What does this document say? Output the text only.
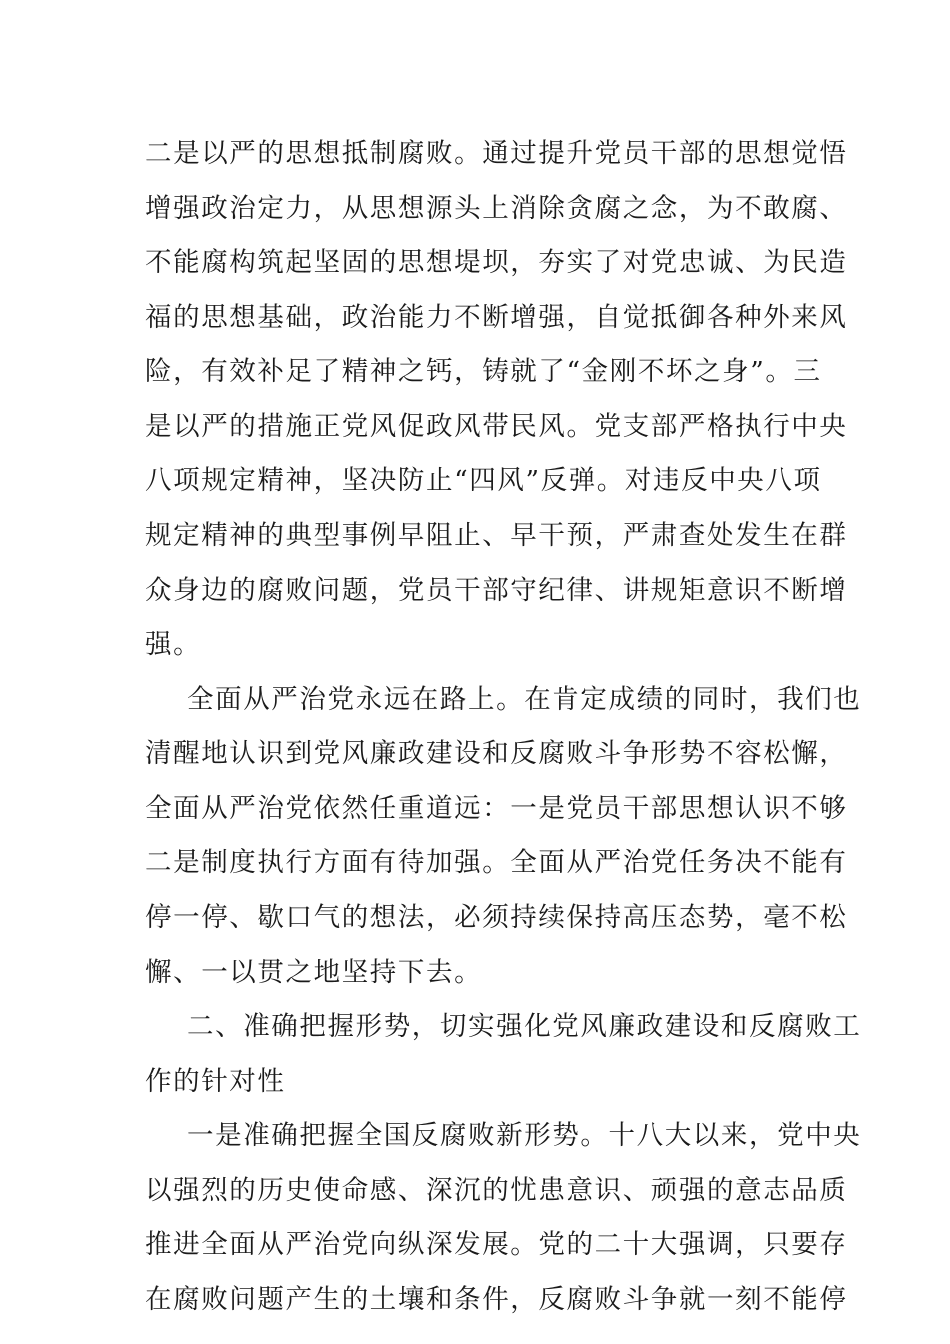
二是以严的思想抵制腐败。通过提升党员干部的思想觉悟
增强政治定力，从思想源头上消除贪腐之念，为不敢腐、
不能腐构筑起坚固的思想堤坝，夯实了对党忠诚、为民造
福的思想基础，政治能力不断增强，自觉抵御各种外来风
险，有效补足了精神之钙，铸就了“金刚不坏之身”。三
是以严的措施正党风促政风带民风。党支部严格执行中央
八项规定精神，坚决防止“四风”反弹。对违反中央八项
规定精神的典型事例早阻止、早干预，严肃查处发生在群
众身边的腐败问题，党员干部守纪律、讲规矩意识不断增
强。
全面从严治党永远在路上。在肯定成绩的同时，我们也
清醒地认识到党风廉政建设和反腐败斗争形势不容松懈，
全面从严治党依然任重道远：一是党员干部思想认识不够
二是制度执行方面有待加强。全面从严治党任务决不能有
停一停、歇口气的想法，必须持续保持高压态势，毫不松
懈、一以贯之地坚持下去。
二、准确把握形势，切实强化党风廉政建设和反腐败工
作的针对性
一是准确把握全国反腐败新形势。十八大以来，党中央
以强烈的历史使命感、深沉的忧患意识、顽强的意志品质
推进全面从严治党向纵深发展。党的二十大强调，只要存
在腐败问题产生的土壤和条件，反腐败斗争就一刻不能停
